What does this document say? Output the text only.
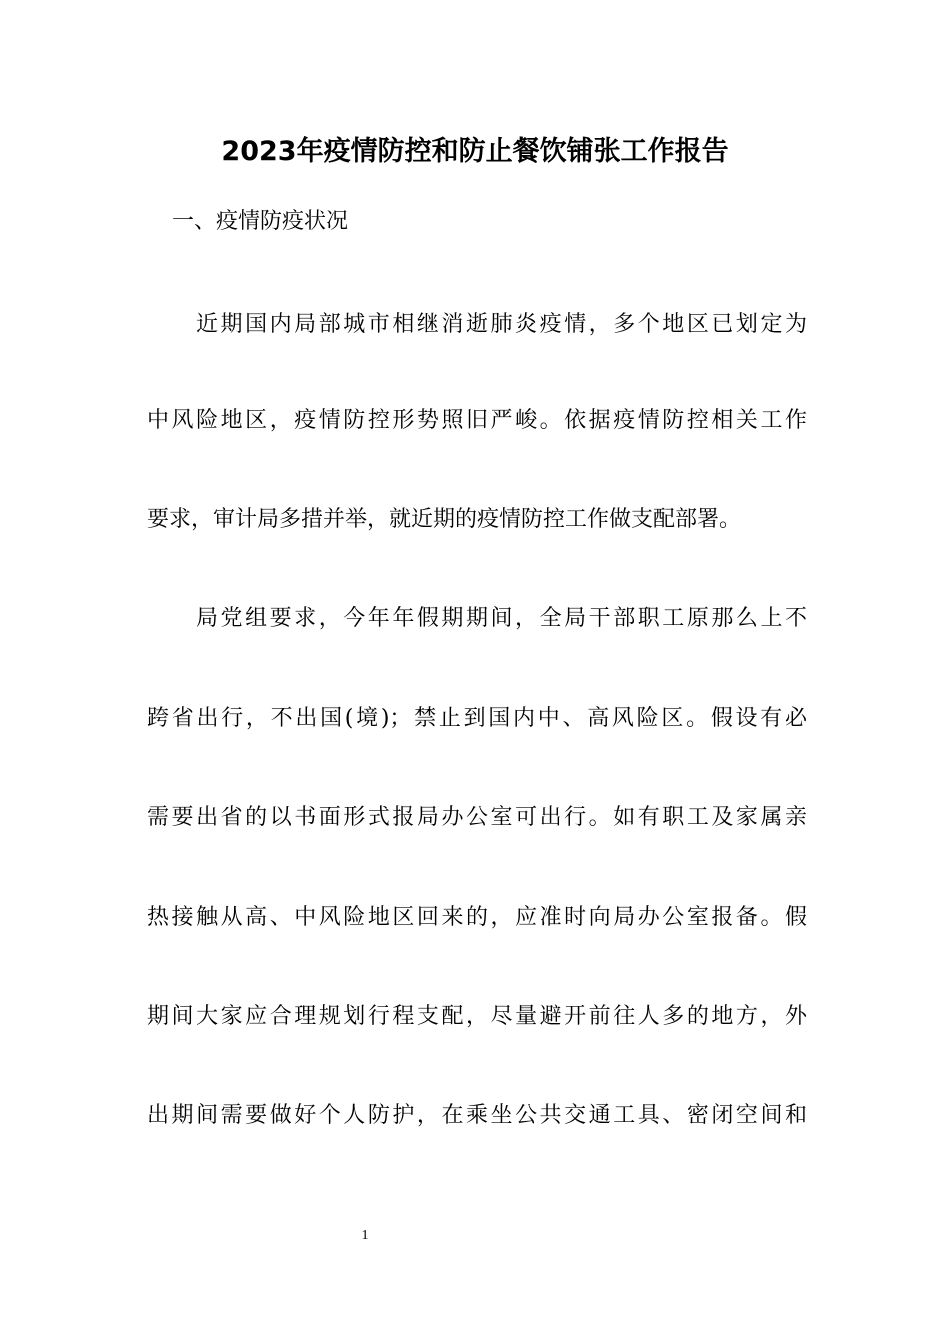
2023年疫情防控和防止餐饮铺张工作报告
一、疫情防疫状况
近期国内局部城市相继消逝肺炎疫情，多个地区已划定为
中风险地区，疫情防控形势照旧严峻。依据疫情防控相关工作
要求，审计局多措并举，就近期的疫情防控工作做支配部署。
局党组要求，今年年假期期间，全局干部职工原那么上不
跨省出行，不出国(境)；禁止到国内中、高风险区。假设有必
需要出省的以书面形式报局办公室可出行。如有职工及家属亲
热接触从高、中风险地区回来的，应准时向局办公室报备。假
期间大家应合理规划行程支配，尽量避开前往人多的地方，外
出期间需要做好个人防护，在乘坐公共交通工具、密闭空间和
1
